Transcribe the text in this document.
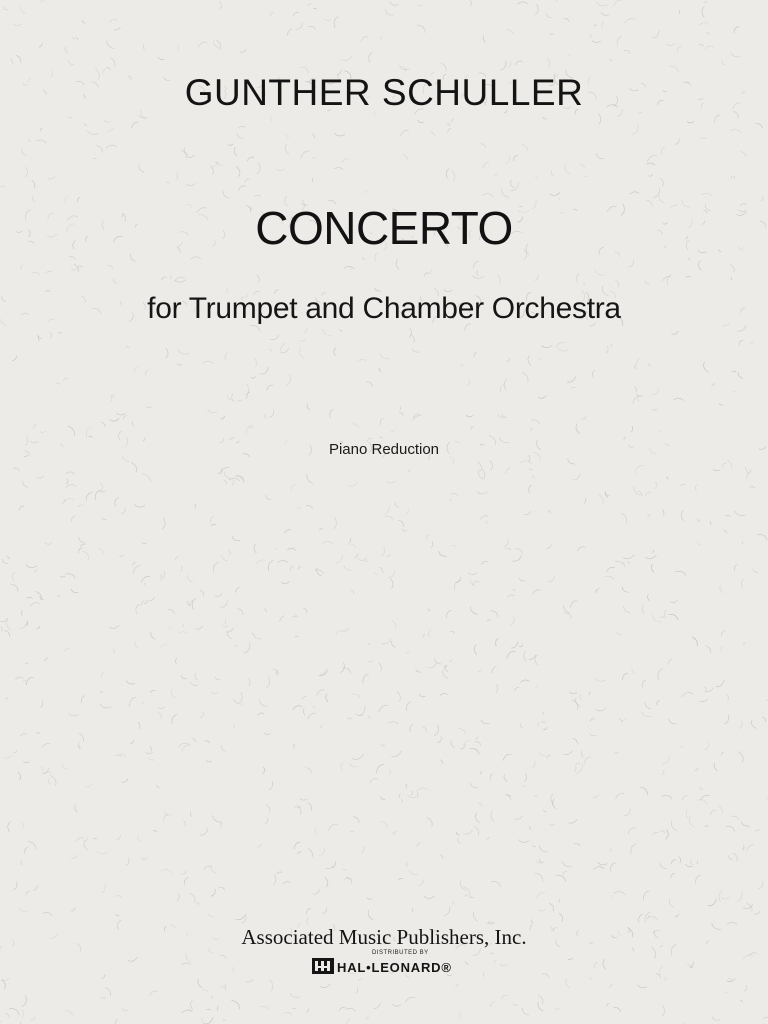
GUNTHER SCHULLER

CONCERTO

for Trumpet and Chamber Orchestra

Piano Reduction

Associated Music Publishers, Inc.

DISTRIBUTED BY
HAL•LEONARD®
